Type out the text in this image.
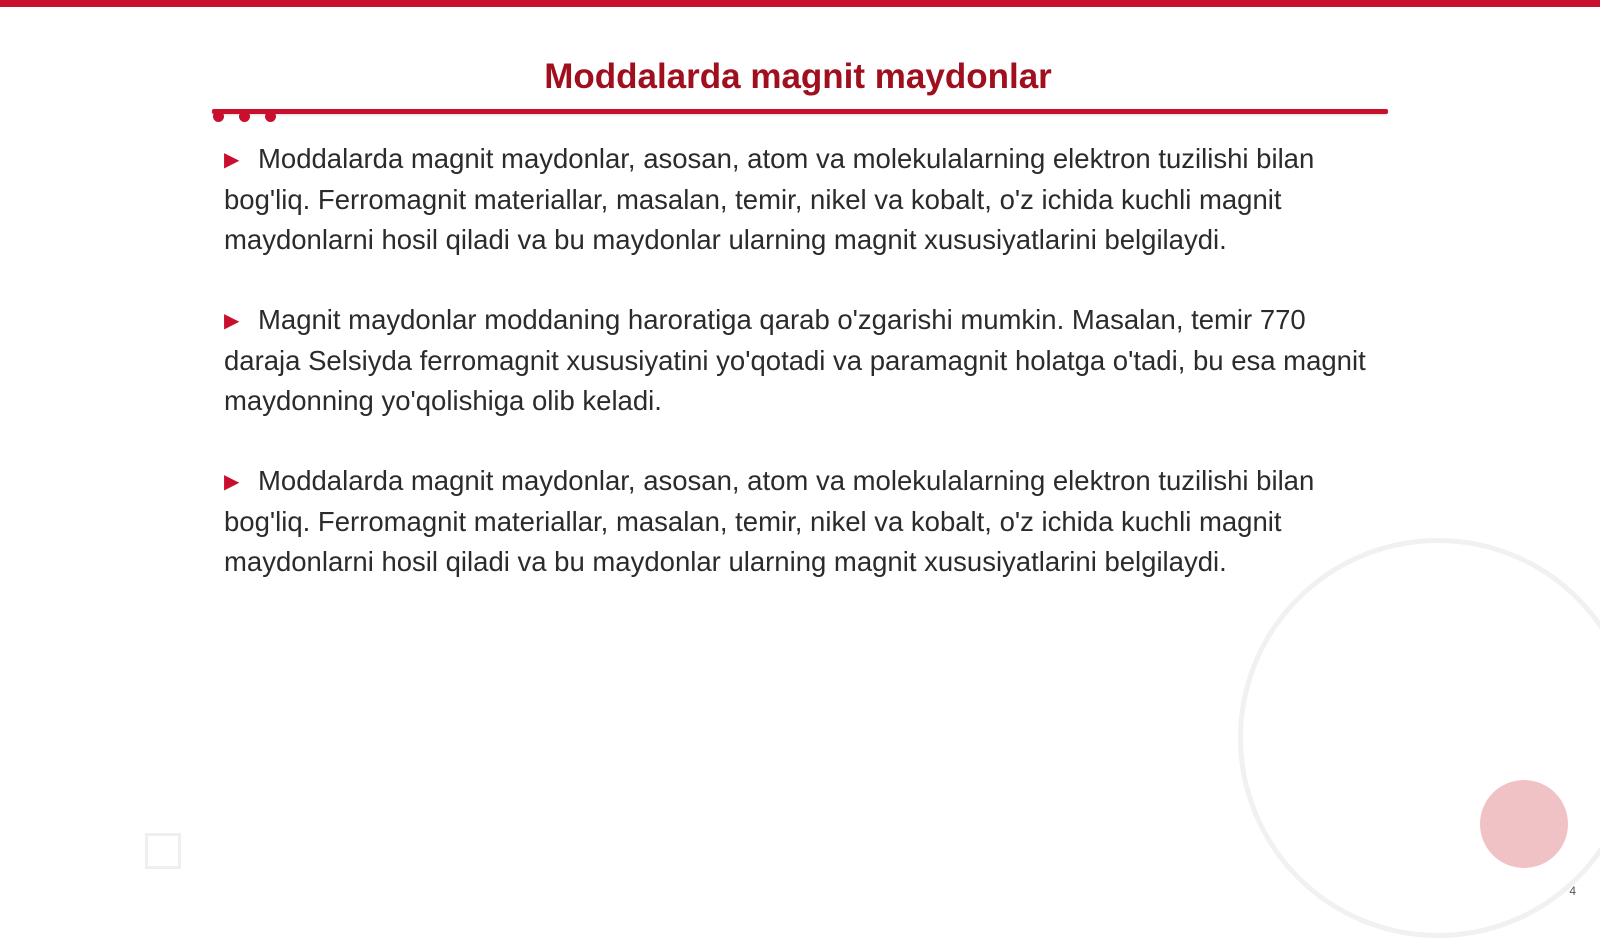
Moddalarda magnit maydonlar

▶ Moddalarda magnit maydonlar, asosan, atom va molekulalarning elektron tuzilishi bilan bog'liq. Ferromagnit materiallar, masalan, temir, nikel va kobalt, o'z ichida kuchli magnit maydonlarni hosil qiladi va bu maydonlar ularning magnit xususiyatlarini belgilaydi.

▶ Magnit maydonlar moddaning haroratiga qarab o'zgarishi mumkin. Masalan, temir 770 daraja Selsiyda ferromagnit xususiyatini yo'qotadi va paramagnit holatga o'tadi, bu esa magnit maydonning yo'qolishiga olib keladi.

▶ Moddalarda magnit maydonlar, asosan, atom va molekulalarning elektron tuzilishi bilan bog'liq. Ferromagnit materiallar, masalan, temir, nikel va kobalt, o'z ichida kuchli magnit maydonlarni hosil qiladi va bu maydonlar ularning magnit xususiyatlarini belgilaydi.

4
